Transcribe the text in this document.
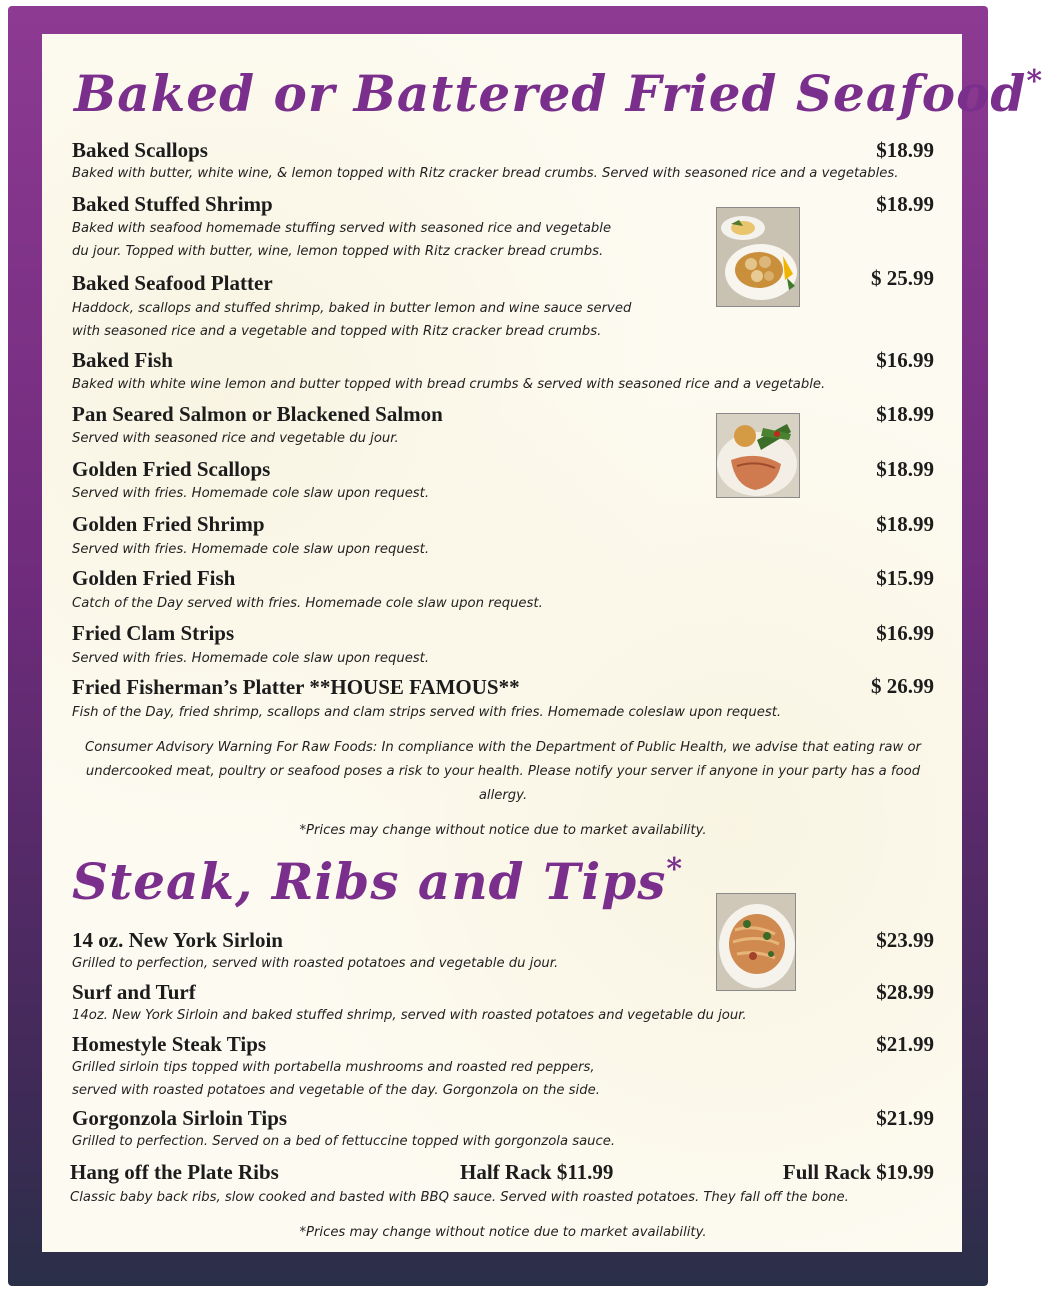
Baked or Battered Fried Seafood*
Baked Scallops	$18.99
Baked with butter, white wine, & lemon topped with Ritz cracker bread crumbs. Served with seasoned rice and a vegetables.
Baked Stuffed Shrimp	$18.99
Baked with seafood homemade stuffing served with seasoned rice and vegetable
du jour. Topped with butter, wine, lemon topped with Ritz cracker bread crumbs.
Baked Seafood Platter	$ 25.99
Haddock, scallops and stuffed shrimp, baked in butter lemon and wine sauce served
with seasoned rice and a vegetable and topped with Ritz cracker bread crumbs.
Baked Fish	$16.99
Baked with white wine lemon and butter topped with bread crumbs & served with seasoned rice and a vegetable.
Pan Seared Salmon or Blackened Salmon	$18.99
Served with seasoned rice and vegetable du jour.
Golden Fried Scallops	$18.99
Served with fries. Homemade cole slaw upon request.
Golden Fried Shrimp	$18.99
Served with fries. Homemade cole slaw upon request.
Golden Fried Fish	$15.99
Catch of the Day served with fries. Homemade cole slaw upon request.
Fried Clam Strips	$16.99
Served with fries. Homemade cole slaw upon request.
Fried Fisherman’s Platter **HOUSE FAMOUS**	$ 26.99
Fish of the Day, fried shrimp, scallops and clam strips served with fries. Homemade coleslaw upon request.
Consumer Advisory Warning For Raw Foods: In compliance with the Department of Public Health, we advise that eating raw or undercooked meat, poultry or seafood poses a risk to your health. Please notify your server if anyone in your party has a food allergy.
*Prices may change without notice due to market availability.
Steak, Ribs and Tips*
14 oz. New York Sirloin	$23.99
Grilled to perfection, served with roasted potatoes and vegetable du jour.
Surf and Turf	$28.99
14oz. New York Sirloin and baked stuffed shrimp, served with roasted potatoes and vegetable du jour.
Homestyle Steak Tips	$21.99
Grilled sirloin tips topped with portabella mushrooms and roasted red peppers,
served with roasted potatoes and vegetable of the day. Gorgonzola on the side.
Gorgonzola Sirloin Tips	$21.99
Grilled to perfection. Served on a bed of fettuccine topped with gorgonzola sauce.
Hang off the Plate Ribs	Half Rack $11.99	Full Rack $19.99
Classic baby back ribs, slow cooked and basted with BBQ sauce. Served with roasted potatoes. They fall off the bone.
*Prices may change without notice due to market availability.
